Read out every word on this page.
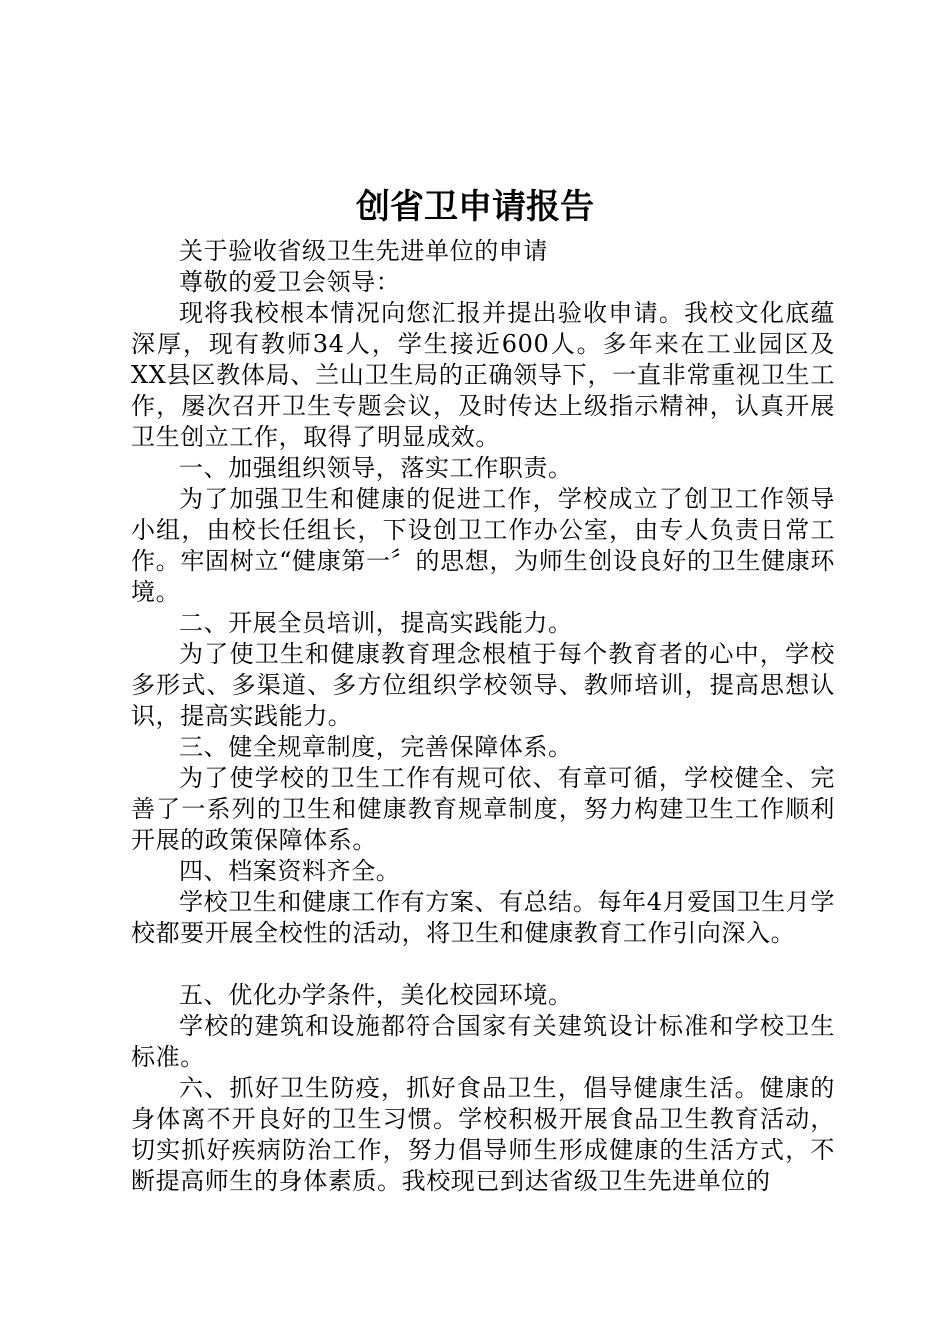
创省卫申请报告

关于验收省级卫生先进单位的申请

尊敬的爱卫会领导：

现将我校根本情况向您汇报并提出验收申请。我校文化底蕴深厚，现有教师34人，学生接近600人。多年来在工业园区及XX县区教体局、兰山卫生局的正确领导下，一直非常重视卫生工作，屡次召开卫生专题会议，及时传达上级指示精神，认真开展卫生创立工作，取得了明显成效。

一、加强组织领导，落实工作职责。

为了加强卫生和健康的促进工作，学校成立了创卫工作领导小组，由校长任组长，下设创卫工作办公室，由专人负责日常工作。牢固树立“健康第一〞的思想，为师生创设良好的卫生健康环境。

二、开展全员培训，提高实践能力。

为了使卫生和健康教育理念根植于每个教育者的心中，学校多形式、多渠道、多方位组织学校领导、教师培训，提高思想认识，提高实践能力。

三、健全规章制度，完善保障体系。

为了使学校的卫生工作有规可依、有章可循，学校健全、完善了一系列的卫生和健康教育规章制度，努力构建卫生工作顺利开展的政策保障体系。

四、档案资料齐全。

学校卫生和健康工作有方案、有总结。每年4月爱国卫生月学校都要开展全校性的活动，将卫生和健康教育工作引向深入。

五、优化办学条件，美化校园环境。

学校的建筑和设施都符合国家有关建筑设计标准和学校卫生标准。

六、抓好卫生防疫，抓好食品卫生，倡导健康生活。健康的身体离不开良好的卫生习惯。学校积极开展食品卫生教育活动，切实抓好疾病防治工作，努力倡导师生形成健康的生活方式，不断提高师生的身体素质。我校现已到达省级卫生先进单位的
